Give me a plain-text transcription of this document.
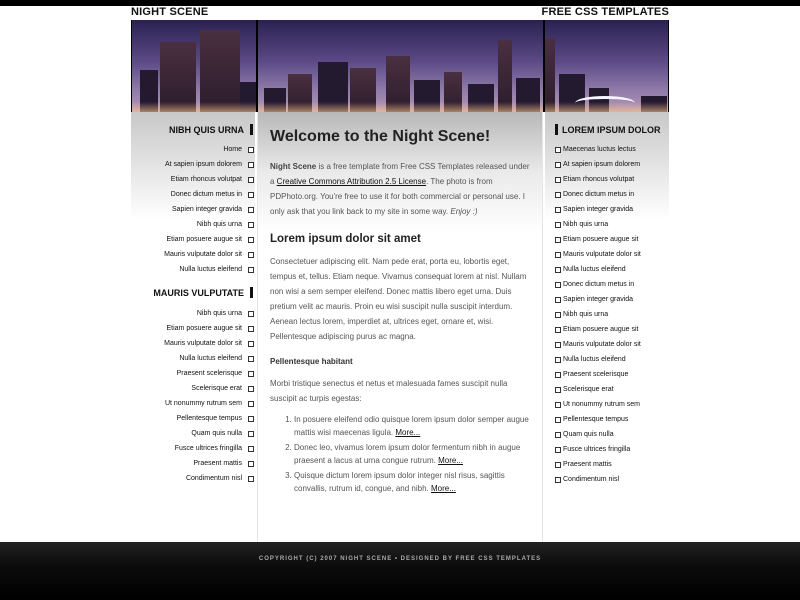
NIGHT SCENE	FREE CSS TEMPLATES
NIBH QUIS URNA
Home
At sapien ipsum dolorem
Etiam rhoncus volutpat
Donec dictum metus in
Sapien integer gravida
Nibh quis urna
Etiam posuere augue sit
Mauris vulputate dolor sit
Nulla luctus eleifend
MAURIS VULPUTATE
Nibh quis urna
Etiam posuere augue sit
Mauris vulputate dolor sit
Nulla luctus eleifend
Praesent scelerisque
Scelerisque erat
Ut nonummy rutrum sem
Pellentesque tempus
Quam quis nulla
Fusce ultrices fringilla
Praesent mattis
Condimentum nisl
Welcome to the Night Scene!

Night Scene is a free template from Free CSS Templates released under a Creative Commons Attribution 2.5 License. The photo is from PDPhoto.org. You're free to use it for both commercial or personal use. I only ask that you link back to my site in some way. Enjoy :)

Lorem ipsum dolor sit amet

Consectetuer adipiscing elit. Nam pede erat, porta eu, lobortis eget, tempus et, tellus. Etiam neque. Vivamus consequat lorem at nisl. Nullam non wisi a sem semper eleifend. Donec mattis libero eget urna. Duis pretium velit ac mauris. Proin eu wisi suscipit nulla suscipit interdum. Aenean lectus lorem, imperdiet at, ultrices eget, ornare et, wisi. Pellentesque adipiscing purus ac magna.

Pellentesque habitant

Morbi tristique senectus et netus et malesuada fames suscipit nulla suscipit ac turpis egestas:

1. In posuere eleifend odio quisque lorem ipsum dolor semper augue mattis wisi maecenas ligula. More...
2. Donec leo, vivamus lorem ipsum dolor fermentum nibh in augue praesent a lacus at urna congue rutrum. More...
3. Quisque dictum lorem ipsum dolor integer nisl risus, sagittis convallis, rutrum id, congue, and nibh. More...
LOREM IPSUM DOLOR
Maecenas luctus lectus
At sapien ipsum dolorem
Etiam rhoncus volutpat
Donec dictum metus in
Sapien integer gravida
Nibh quis urna
Etiam posuere augue sit
Mauris vulputate dolor sit
Nulla luctus eleifend
Donec dictum metus in
Sapien integer gravida
Nibh quis urna
Etiam posuere augue sit
Mauris vulputate dolor sit
Nulla luctus eleifend
Praesent scelerisque
Scelerisque erat
Ut nonummy rutrum sem
Pellentesque tempus
Quam quis nulla
Fusce ultrices fringilla
Praesent mattis
Condimentum nisl
COPYRIGHT (C) 2007 NIGHT SCENE • DESIGNED BY FREE CSS TEMPLATES
